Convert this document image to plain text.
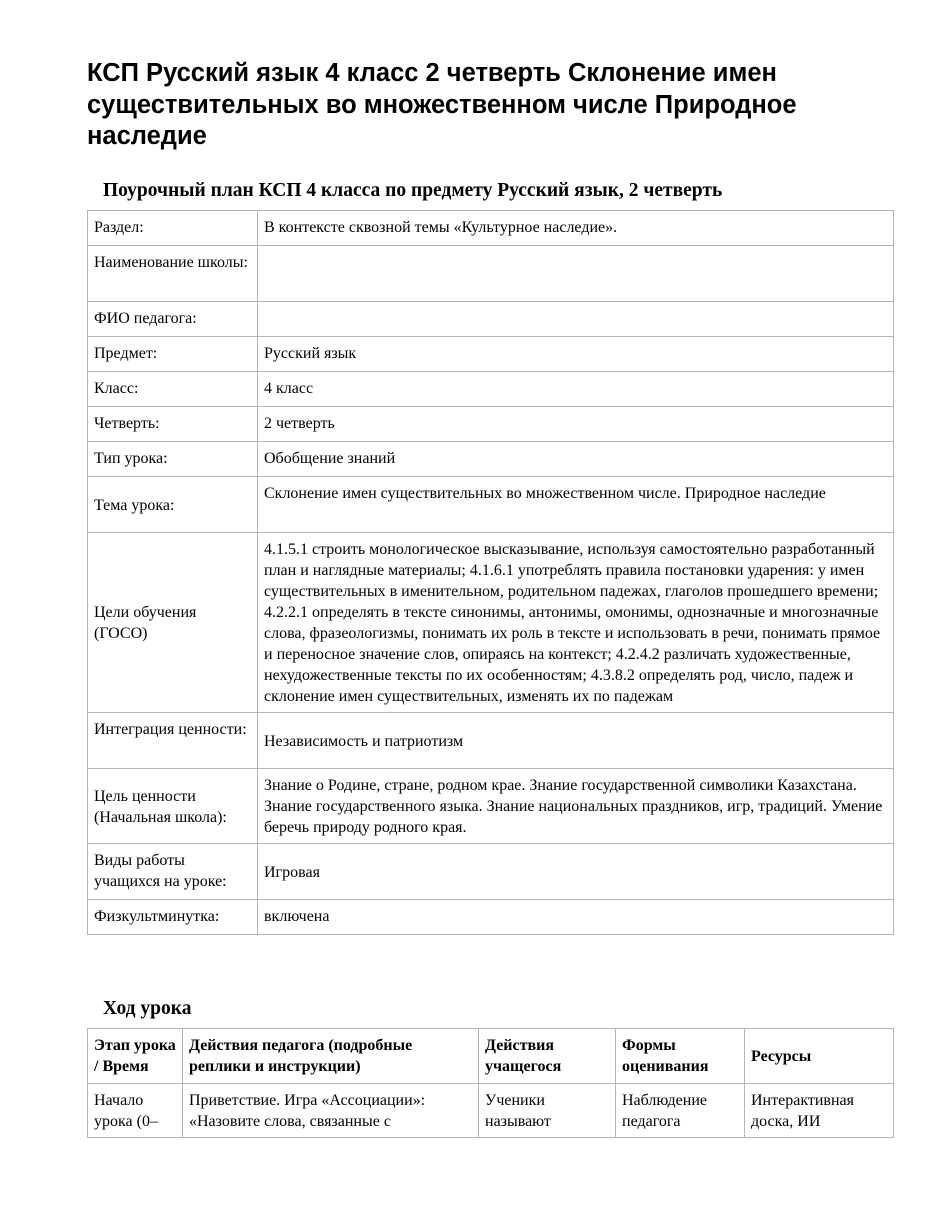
КСП Русский язык 4 класс 2 четверть Склонение имен существительных во множественном числе Природное наследие
Поурочный план КСП 4 класса по предмету Русский язык, 2 четверть
Раздел:	В контексте сквозной темы «Культурное наследие».
Наименование школы:	
ФИО педагога:	
Предмет:	Русский язык
Класс:	4 класс
Четверть:	2 четверть
Тип урока:	Обобщение знаний
Тема урока:	Склонение имен существительных во множественном числе. Природное наследие
Цели обучения (ГОСО)	4.1.5.1 строить монологическое высказывание, используя самостоятельно разработанный план и наглядные материалы; 4.1.6.1 употреблять правила постановки ударения: у имен существительных в именительном, родительном падежах, глаголов прошедшего времени; 4.2.2.1 определять в тексте синонимы, антонимы, омонимы, однозначные и многозначные слова, фразеологизмы, понимать их роль в тексте и использовать в речи, понимать прямое и переносное значение слов, опираясь на контекст; 4.2.4.2 различать художественные, нехудожественные тексты по их особенностям; 4.3.8.2 определять род, число, падеж и склонение имен существительных, изменять их по падежам
Интеграция ценности:	Независимость и патриотизм
Цель ценности (Начальная школа):	Знание о Родине, стране, родном крае. Знание государственной символики Казахстана. Знание государственного языка. Знание национальных праздников, игр, традиций. Умение беречь природу родного края.
Виды работы учащихся на уроке:	Игровая
Физкультминутка:	включена
Ход урока
Этап урока / Время	Действия педагога (подробные реплики и инструкции)	Действия учащегося	Формы оценивания	Ресурсы
Начало урока (0–	Приветствие. Игра «Ассоциации»: «Назовите слова, связанные с	Ученики называют	Наблюдение педагога	Интерактивная доска, ИИ
